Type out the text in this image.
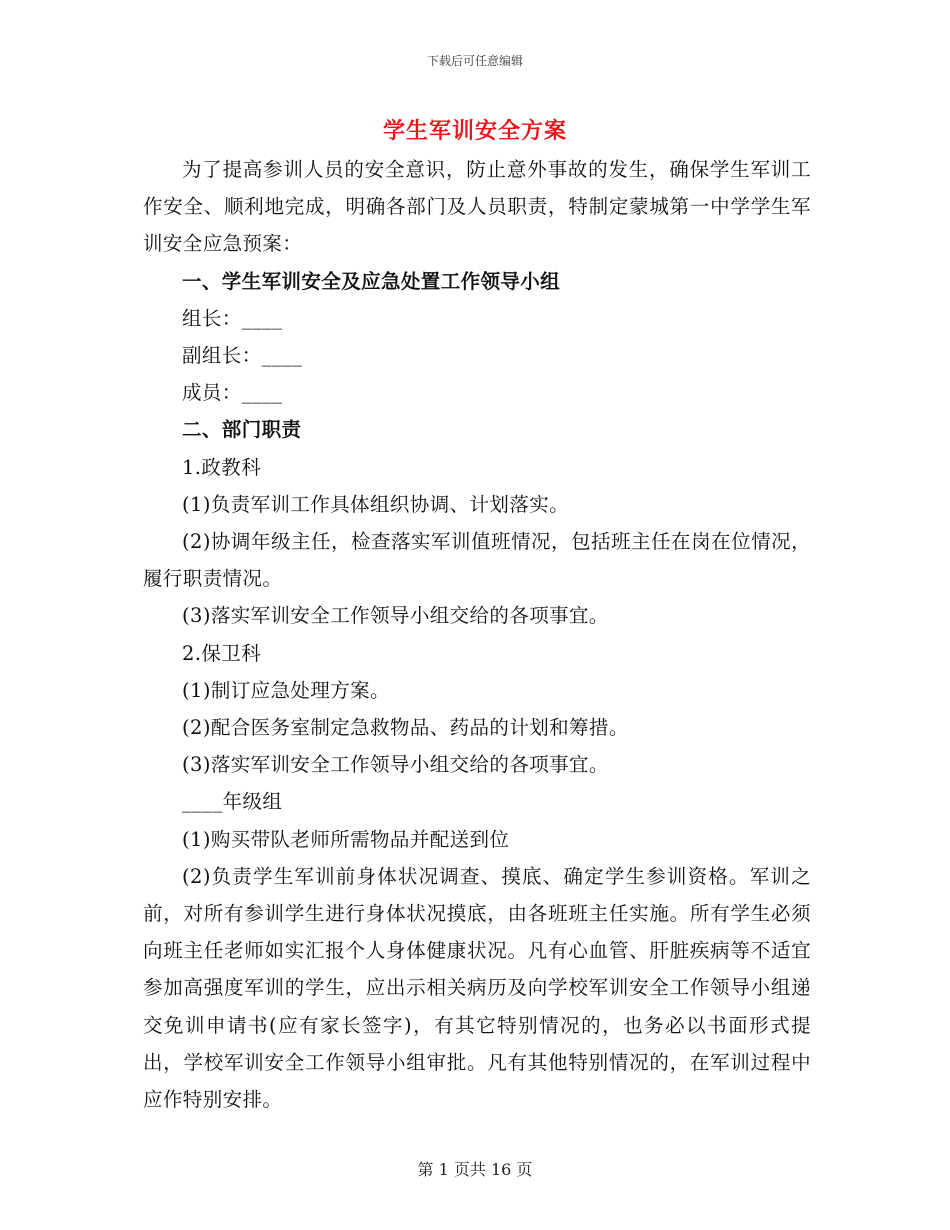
下载后可任意编辑
学生军训安全方案

为了提高参训人员的安全意识，防止意外事故的发生，确保学生军训工作安全、顺利地完成，明确各部门及人员职责，特制定蒙城第一中学学生军训安全应急预案：

一、学生军训安全及应急处置工作领导小组

组长：____

副组长：____

成员：____

二、部门职责

1.政教科

(1)负责军训工作具体组织协调、计划落实。

(2)协调年级主任，检查落实军训值班情况，包括班主任在岗在位情况，履行职责情况。

(3)落实军训安全工作领导小组交给的各项事宜。

2.保卫科

(1)制订应急处理方案。

(2)配合医务室制定急救物品、药品的计划和筹措。

(3)落实军训安全工作领导小组交给的各项事宜。

____年级组

(1)购买带队老师所需物品并配送到位

(2)负责学生军训前身体状况调查、摸底、确定学生参训资格。军训之前，对所有参训学生进行身体状况摸底，由各班班主任实施。所有学生必须向班主任老师如实汇报个人身体健康状况。凡有心血管、肝脏疾病等不适宜参加高强度军训的学生，应出示相关病历及向学校军训安全工作领导小组递交免训申请书(应有家长签字)，有其它特别情况的，也务必以书面形式提出，学校军训安全工作领导小组审批。凡有其他特别情况的，在军训过程中应作特别安排。

第 1 页共 16 页
